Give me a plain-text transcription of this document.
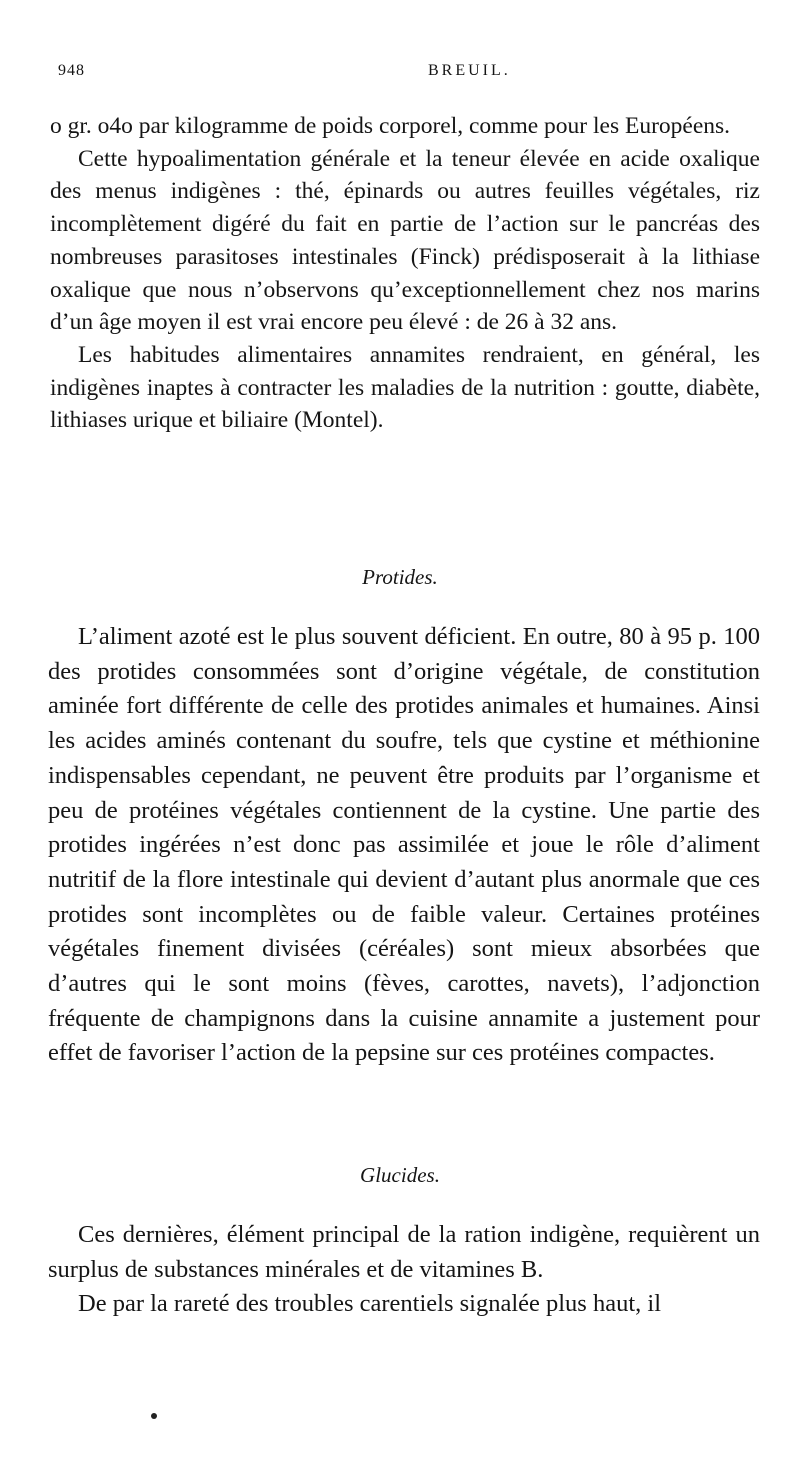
948	BREUIL.

o gr. o4o par kilogramme de poids corporel, comme pour les Européens.

Cette hypoalimentation générale et la teneur élevée en acide oxalique des menus indigènes : thé, épinards ou autres feuilles végétales, riz incomplètement digéré du fait en partie de l’action sur le pancréas des nombreuses parasitoses intestinales (Finck) prédisposerait à la lithiase oxalique que nous n’observons qu’exceptionnellement chez nos marins d’un âge moyen il est vrai encore peu élevé : de 26 à 32 ans.

Les habitudes alimentaires annamites rendraient, en général, les indigènes inaptes à contracter les maladies de la nutrition : goutte, diabète, lithiases urique et biliaire (Montel).

Protides.

L’aliment azoté est le plus souvent déficient. En outre, 80 à 95 p. 100 des protides consommées sont d’origine végétale, de constitution aminée fort différente de celle des protides animales et humaines. Ainsi les acides aminés contenant du soufre, tels que cystine et méthionine indispensables cependant, ne peuvent être produits par l’organisme et peu de protéines végétales contiennent de la cystine. Une partie des protides ingérées n’est donc pas assimilée et joue le rôle d’aliment nutritif de la flore intestinale qui devient d’autant plus anormale que ces protides sont incomplètes ou de faible valeur. Certaines protéines végétales finement divisées (céréales) sont mieux absorbées que d’autres qui le sont moins (fèves, carottes, navets), l’adjonction fréquente de champignons dans la cuisine annamite a justement pour effet de favoriser l’action de la pepsine sur ces protéines compactes.

Glucides.

Ces dernières, élément principal de la ration indigène, requièrent un surplus de substances minérales et de vitamines B.

De par la rareté des troubles carentiels signalée plus haut, il
